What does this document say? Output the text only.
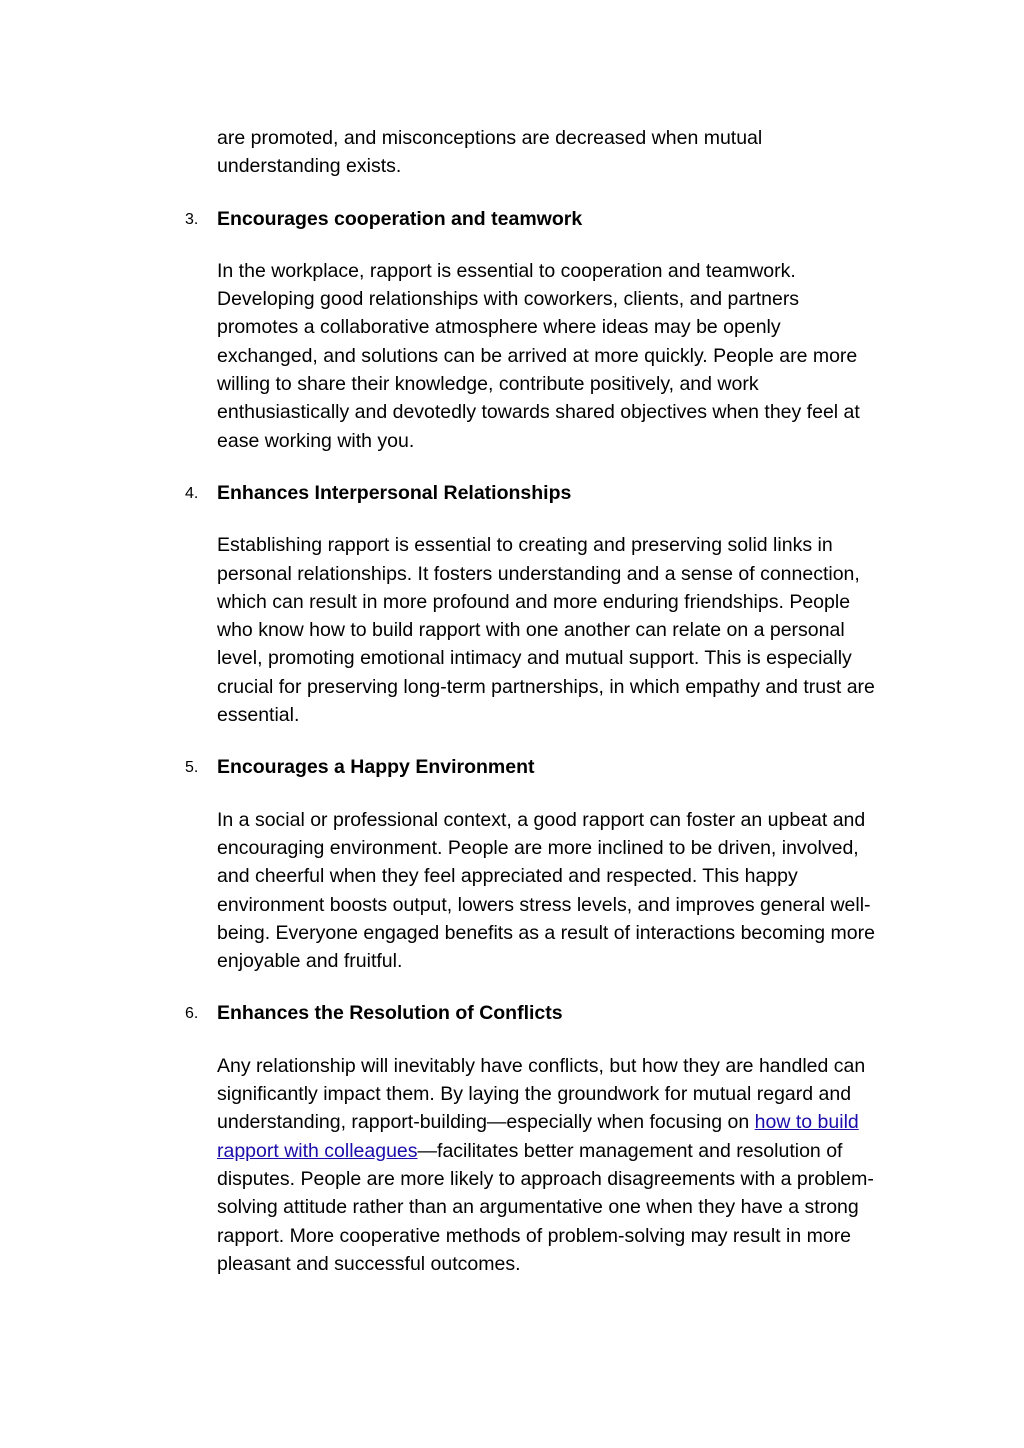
are promoted, and misconceptions are decreased when mutual understanding exists.

3. Encourages cooperation and teamwork

In the workplace, rapport is essential to cooperation and teamwork. Developing good relationships with coworkers, clients, and partners promotes a collaborative atmosphere where ideas may be openly exchanged, and solutions can be arrived at more quickly. People are more willing to share their knowledge, contribute positively, and work enthusiastically and devotedly towards shared objectives when they feel at ease working with you.

4. Enhances Interpersonal Relationships

Establishing rapport is essential to creating and preserving solid links in personal relationships. It fosters understanding and a sense of connection, which can result in more profound and more enduring friendships. People who know how to build rapport with one another can relate on a personal level, promoting emotional intimacy and mutual support. This is especially crucial for preserving long-term partnerships, in which empathy and trust are essential.

5. Encourages a Happy Environment

In a social or professional context, a good rapport can foster an upbeat and encouraging environment. People are more inclined to be driven, involved, and cheerful when they feel appreciated and respected. This happy environment boosts output, lowers stress levels, and improves general well-being. Everyone engaged benefits as a result of interactions becoming more enjoyable and fruitful.

6. Enhances the Resolution of Conflicts

Any relationship will inevitably have conflicts, but how they are handled can significantly impact them. By laying the groundwork for mutual regard and understanding, rapport-building—especially when focusing on how to build rapport with colleagues—facilitates better management and resolution of disputes. People are more likely to approach disagreements with a problem-solving attitude rather than an argumentative one when they have a strong rapport. More cooperative methods of problem-solving may result in more pleasant and successful outcomes.
